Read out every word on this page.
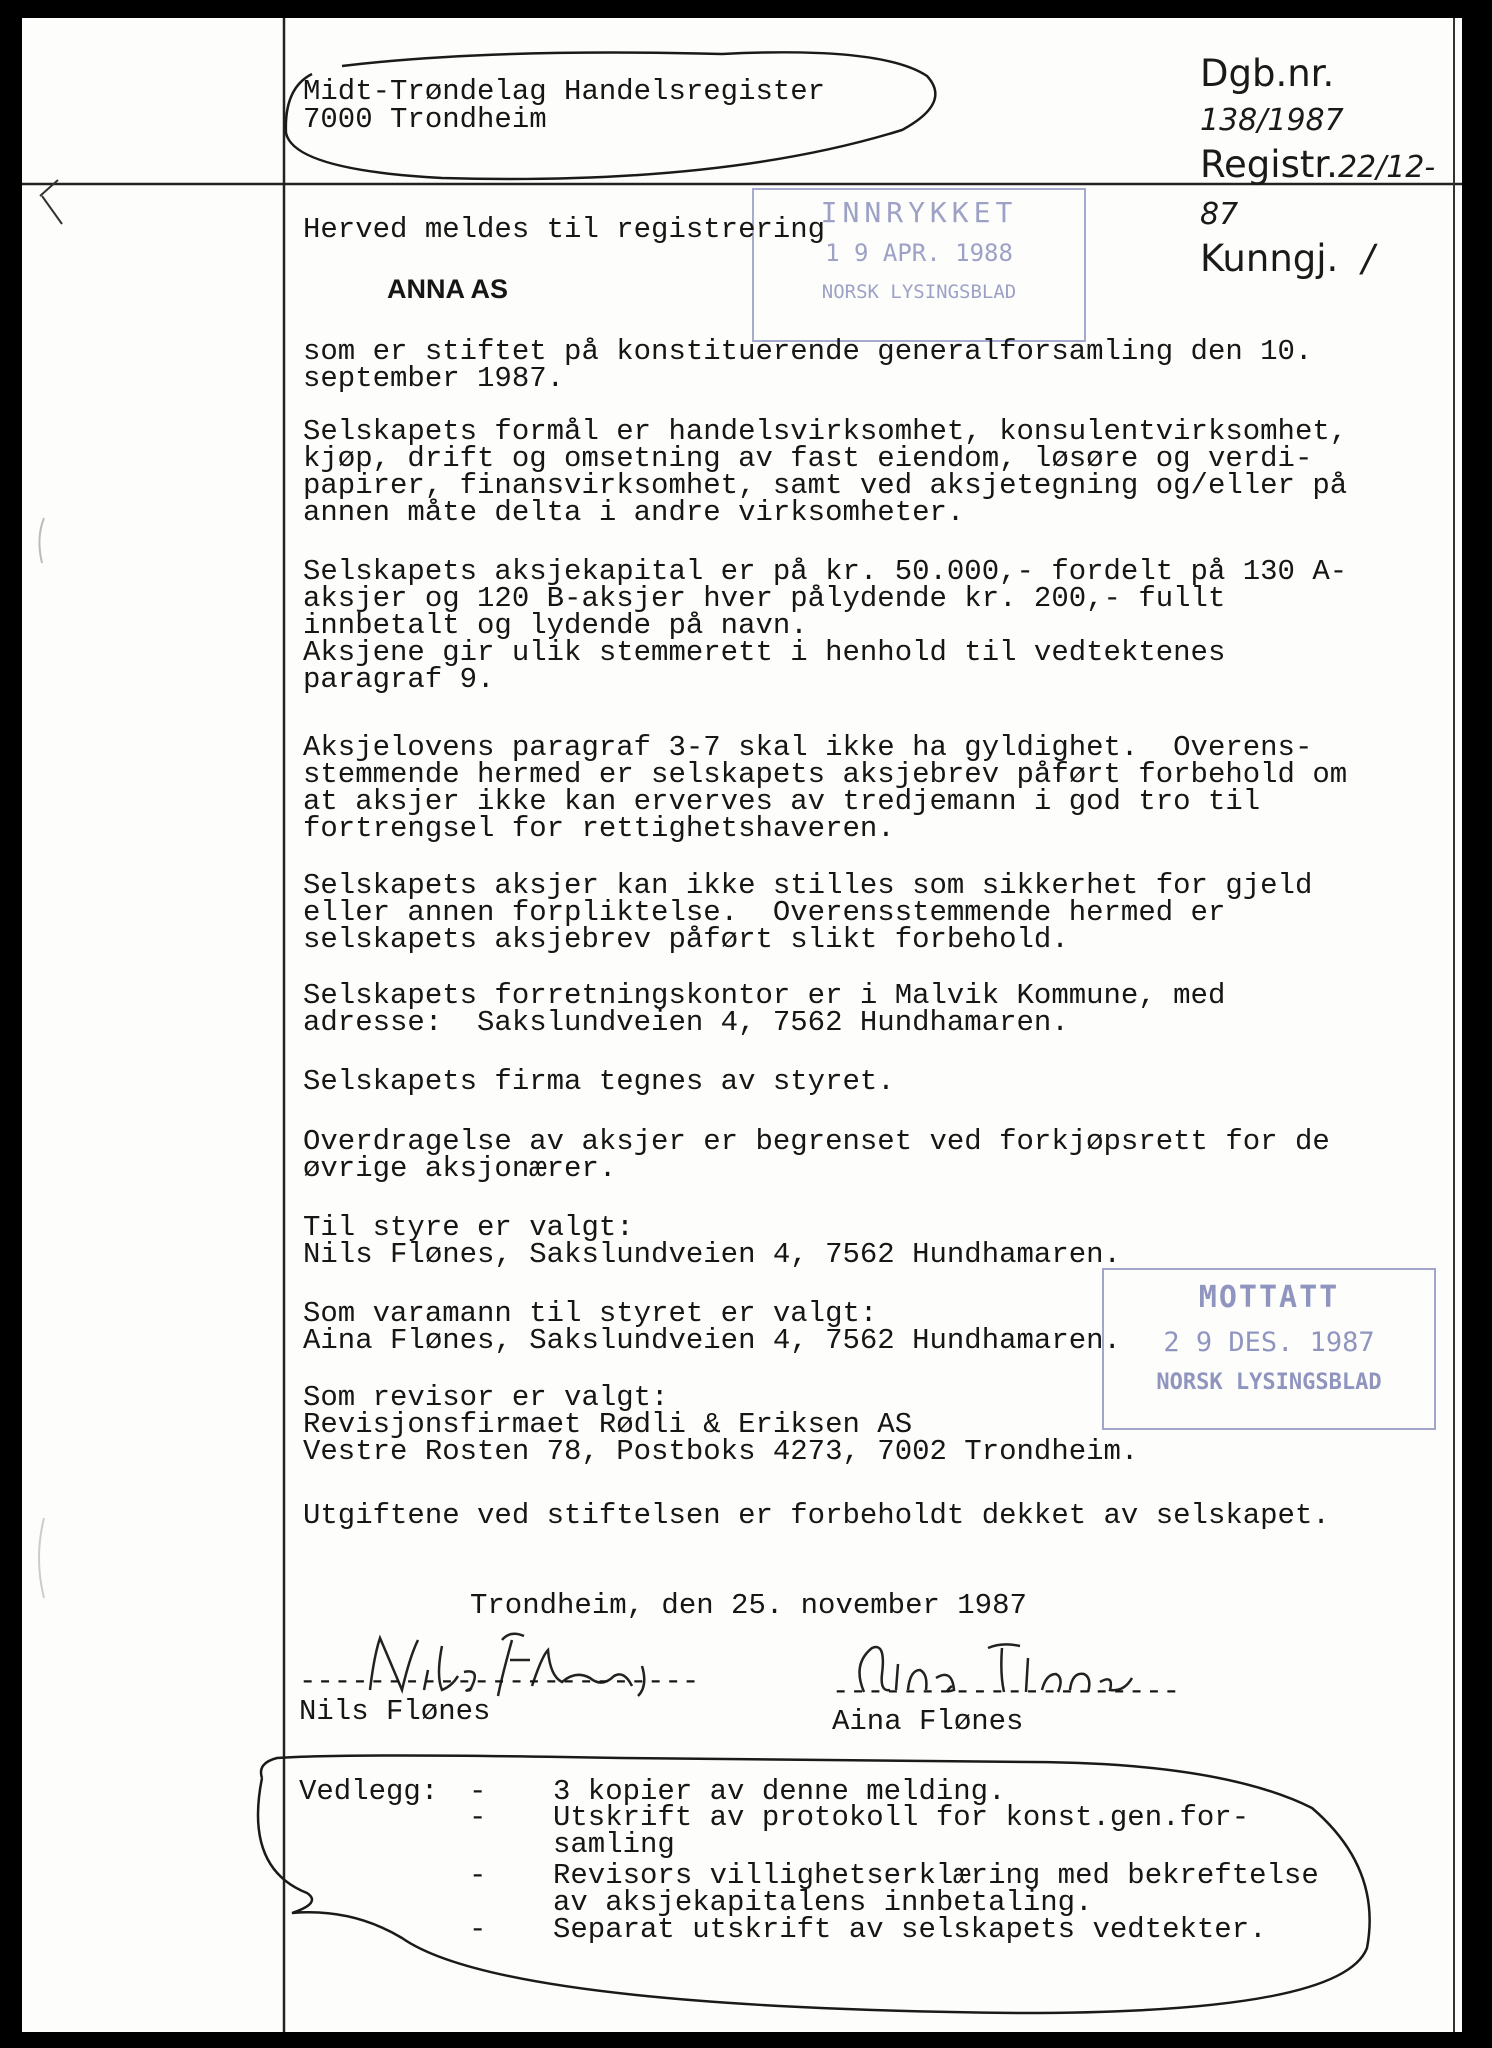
Midt-Trøndelag Handelsregister
7000 Trondheim
Dgb.nr. 138/1987
Registr.22/12-87
Kunngj. /
INNRYKKET
1 9 APR. 1988
NORSK LYSINGSBLAD
Herved meldes til registrering
ANNA AS
som er stiftet på konstituerende generalforsamling den 10.
september 1987.
Selskapets formål er handelsvirksomhet, konsulentvirksomhet,
kjøp, drift og omsetning av fast eiendom, løsøre og verdi-
papirer, finansvirksomhet, samt ved aksjetegning og/eller på
annen måte delta i andre virksomheter.
Selskapets aksjekapital er på kr. 50.000,- fordelt på 130 A-
aksjer og 120 B-aksjer hver pålydende kr. 200,- fullt
innbetalt og lydende på navn.
Aksjene gir ulik stemmerett i henhold til vedtektenes
paragraf 9.
Aksjelovens paragraf 3-7 skal ikke ha gyldighet.  Overens-
stemmende hermed er selskapets aksjebrev påført forbehold om
at aksjer ikke kan erverves av tredjemann i god tro til
fortrengsel for rettighetshaveren.
Selskapets aksjer kan ikke stilles som sikkerhet for gjeld
eller annen forpliktelse.  Overensstemmende hermed er
selskapets aksjebrev påført slikt forbehold.
Selskapets forretningskontor er i Malvik Kommune, med
adresse:  Sakslundveien 4, 7562 Hundhamaren.
Selskapets firma tegnes av styret.
Overdragelse av aksjer er begrenset ved forkjøpsrett for de
øvrige aksjonærer.
Til styre er valgt:
Nils Flønes, Sakslundveien 4, 7562 Hundhamaren.
Som varamann til styret er valgt:
Aina Flønes, Sakslundveien 4, 7562 Hundhamaren.
Som revisor er valgt:
Revisjonsfirmaet Rødli & Eriksen AS
Vestre Rosten 78, Postboks 4273, 7002 Trondheim.
Utgiftene ved stiftelsen er forbeholdt dekket av selskapet.
MOTTATT
2 9 DES. 1987
NORSK LYSINGSBLAD
Trondheim, den 25. november 1987
-----------------------
Nils Flønes
--------------------
Aina Flønes
Vedlegg: - 3 kopier av denne melding.
- Utskrift av protokoll for konst.gen.for-
samling
- Revisors villighetserklæring med bekreftelse
av aksjekapitalens innbetaling.
- Separat utskrift av selskapets vedtekter.
